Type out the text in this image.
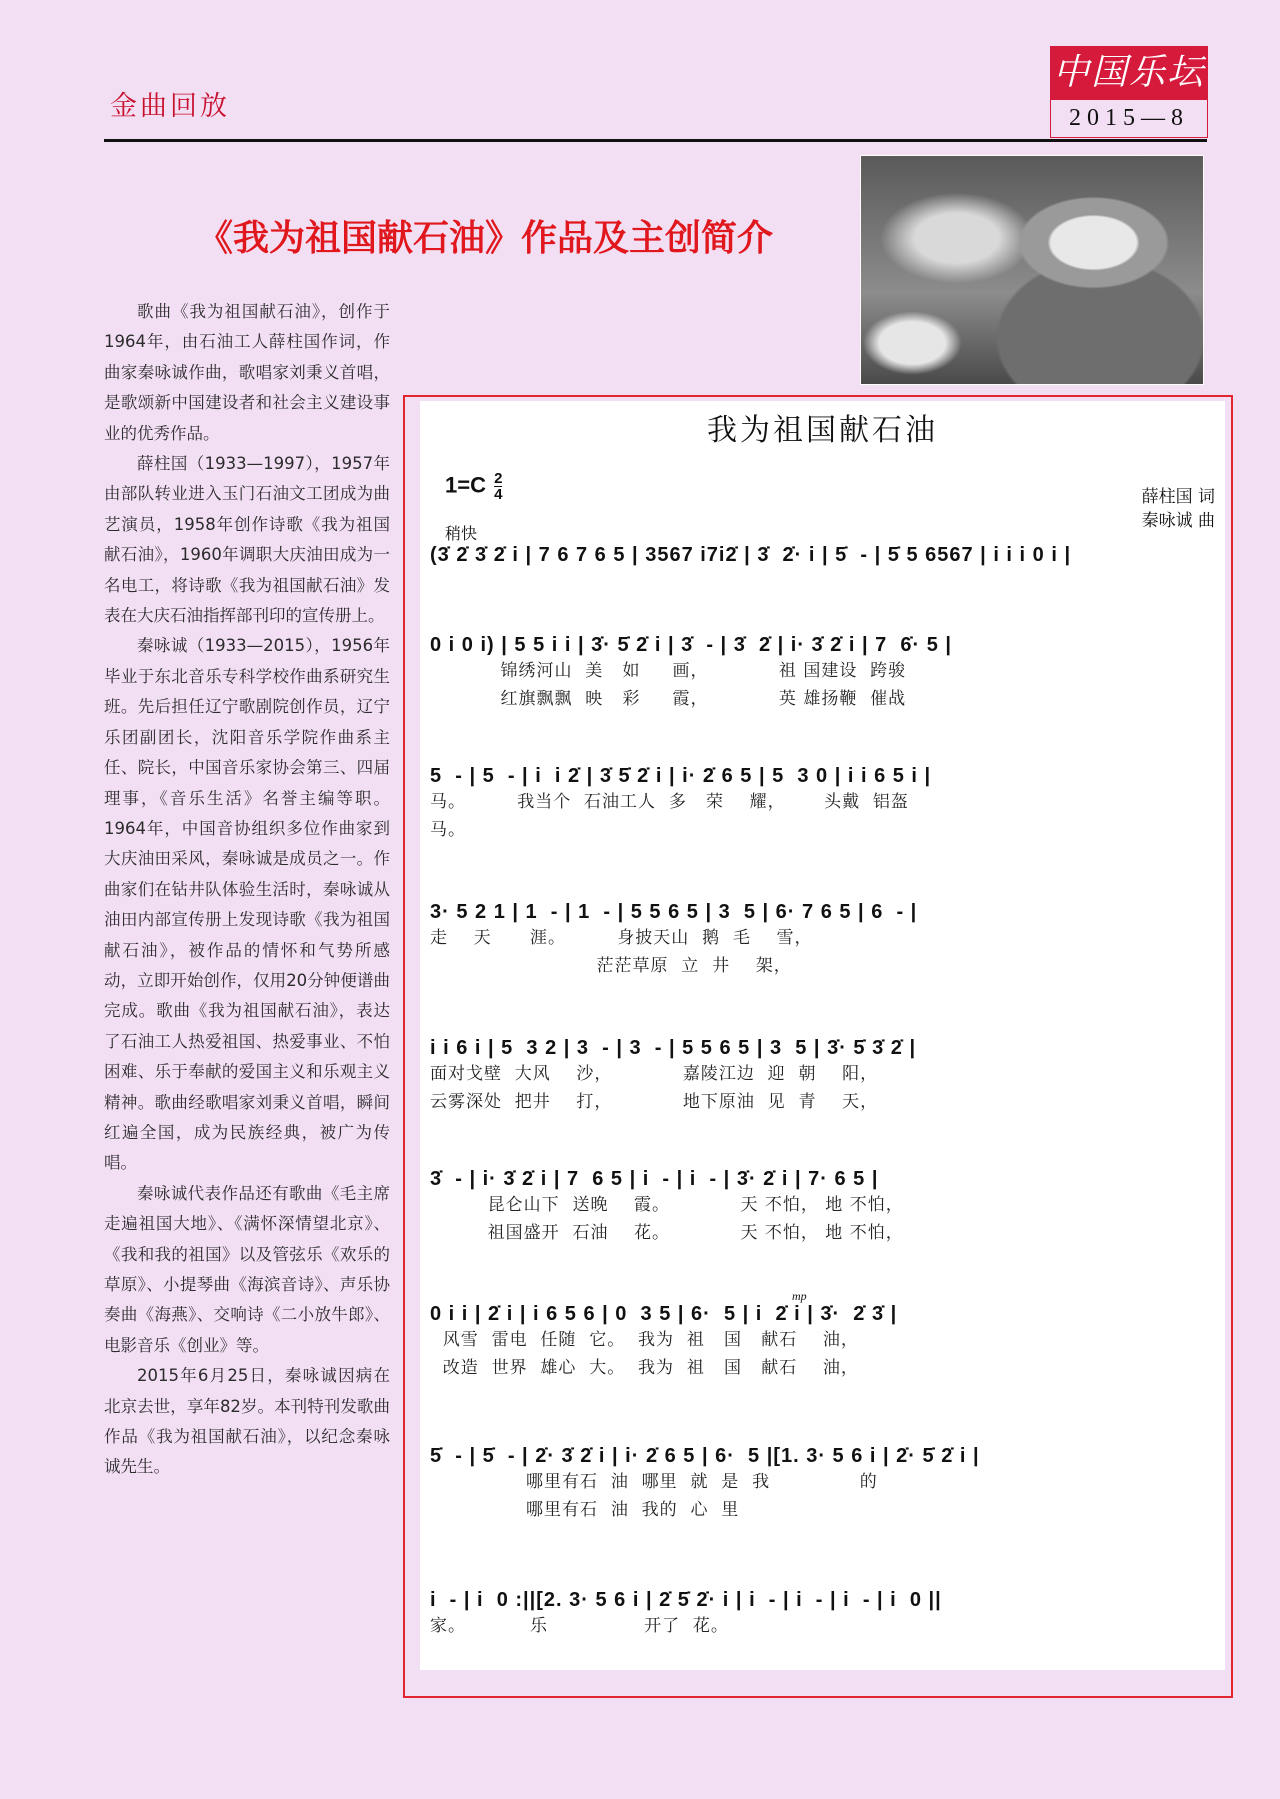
金曲回放
中国乐坛
2015—8
《我为祖国献石油》作品及主创简介

歌曲《我为祖国献石油》，创作于1964年，由石油工人薛柱国作词，作曲家秦咏诚作曲，歌唱家刘秉义首唱，是歌颂新中国建设者和社会主义建设事业的优秀作品。

薛柱国（1933—1997），1957年由部队转业进入玉门石油文工团成为曲艺演员，1958年创作诗歌《我为祖国献石油》，1960年调职大庆油田成为一名电工，将诗歌《我为祖国献石油》发表在大庆石油指挥部刊印的宣传册上。

秦咏诚（1933—2015），1956年毕业于东北音乐专科学校作曲系研究生班。先后担任辽宁歌剧院创作员，辽宁乐团副团长，沈阳音乐学院作曲系主任、院长，中国音乐家协会第三、四届理事，《音乐生活》名誉主编等职。1964年，中国音协组织多位作曲家到大庆油田采风，秦咏诚是成员之一。作曲家们在钻井队体验生活时，秦咏诚从油田内部宣传册上发现诗歌《我为祖国献石油》，被作品的情怀和气势所感动，立即开始创作，仅用20分钟便谱曲完成。歌曲《我为祖国献石油》，表达了石油工人热爱祖国、热爱事业、不怕困难、乐于奉献的爱国主义和乐观主义精神。歌曲经歌唱家刘秉义首唱，瞬间红遍全国，成为民族经典，被广为传唱。

秦咏诚代表作品还有歌曲《毛主席走遍祖国大地》、《满怀深情望北京》、《我和我的祖国》以及管弦乐《欢乐的草原》、小提琴曲《海滨音诗》、声乐协奏曲《海燕》、交响诗《二小放牛郎》、电影音乐《创业》等。

2015年6月25日，秦咏诚因病在北京去世，享年82岁。本刊特刊发歌曲作品《我为祖国献石油》，以纪念秦咏诚先生。

我为祖国献石油
$1=C \frac{2}{4}$
稍快
薛柱国 词
秦咏诚 曲
(3̇ 2̇ 3̇ 2̇ i | 7 6 7 6 5 | 3567 i7i2̇ | 3̇  2̇· i | 5̇  - | 5̇ 5 6567 | i i i 0 i |
0 i 0 i) | 5 5 i i | 3̇· 5̇ 2̇ i | 3̇  - | 3̇  2̇ | i· 3̇ 2̇ i | 7  6̇· 5 |
锦绣河山  美   如     画，           祖 国建设  跨骏
红旗飘飘  映   彩     霞，           英 雄扬鞭  催战
5  - | 5  - | i  i 2̇ | 3̇ 5̇ 2̇ i | i· 2̇ 6 5 | 5  3 0 | i i 6 5 i |
马。        我当个  石油工人  多   荣    耀，      头戴  铝盔
马。
3· 5 2 1 | 1  - | 1  - | 5 5 6 5 | 3  5 | 6· 7 6 5 | 6  - |
走    天      涯。        身披天山  鹅  毛    雪，
茫茫草原  立  井    架，
i i 6 i | 5  3 2 | 3  - | 3  - | 5 5 6 5 | 3  5 | 3̇· 5̇ 3̇ 2̇ |
面对戈壁  大风    沙，           嘉陵江边  迎  朝    阳，
云雾深处  把井    打，           地下原油  见  青    天，
3̇  - | i· 3̇ 2̇ i | 7  6 5 | i  - | i  - | 3̇· 2̇ i | 7· 6 5 |
昆仑山下  送晚    霞。           天 不怕， 地 不怕，
祖国盛开  石油    花。           天 不怕， 地 不怕，
mp
0 i i | 2̇ i | i 6 5 6 | 0  3 5 | 6·  5 | i  2̇ i | 3̇·  2̇ 3̇ |
风雪  雷电  任随  它。  我为  祖   国   献石    油，
改造  世界  雄心  大。  我为  祖   国   献石    油，
5̇  - | 5̇  - | 2̇· 3̇ 2̇ i | i· 2̇ 6 5 | 6·  5 |[1. 3· 5 6 i | 2̇· 5̇ 2̇ i |
哪里有石  油  哪里  就  是  我              的
哪里有石  油  我的  心  里
i  - | i  0 :||[2. 3· 5 6 i | 2̇ 5̇ 2̇· i | i  - | i  - | i  - | i  0 ||
家。          乐               开了  花。
